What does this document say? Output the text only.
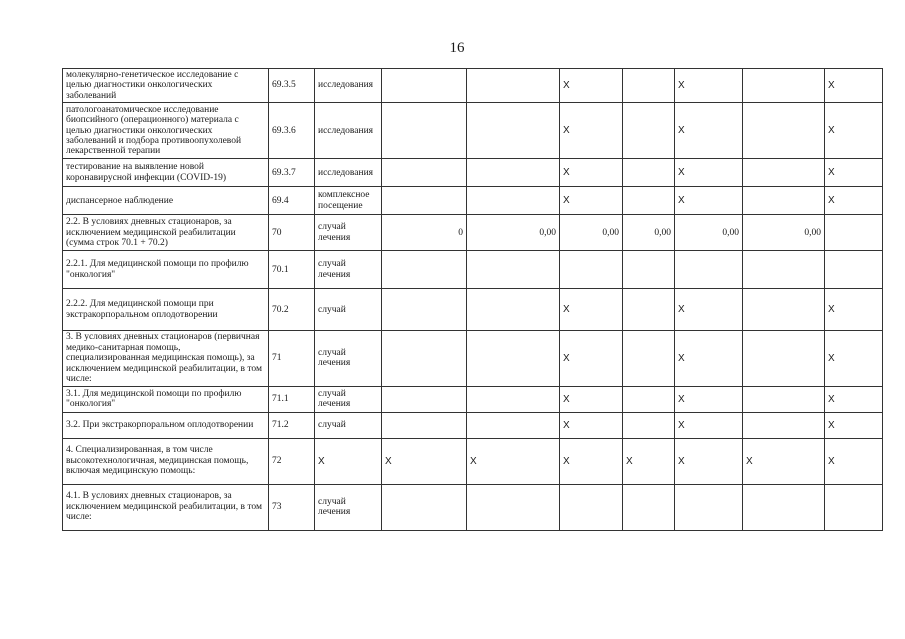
16
молекулярно-генетическое исследование с целью диагностики онкологических заболеваний	69.3.5	исследования			X		X		X
патологоанатомическое исследование биопсийного (операционного) материала с целью диагностики онкологических заболеваний и подбора противоопухолевой лекарственной терапии	69.3.6	исследования			X		X		X
тестирование на выявление новой коронавирусной инфекции (COVID-19)	69.3.7	исследования			X		X		X
диспансерное наблюдение	69.4	комплексное посещение			X		X		X
2.2. В условиях дневных стационаров, за исключением медицинской реабилитации (сумма строк 70.1 + 70.2)	70	случай лечения	0	0,00	0,00	0,00	0,00	0,00	
2.2.1. Для медицинской помощи по профилю "онкология"	70.1	случай лечения							
2.2.2. Для медицинской помощи при экстракорпоральном оплодотворении	70.2	случай			X		X		X
3. В условиях дневных стационаров (первичная медико-санитарная помощь, специализированная медицинская помощь), за исключением медицинской реабилитации, в том числе:	71	случай лечения			X		X		X
3.1. Для медицинской помощи по профилю "онкология"	71.1	случай лечения			X		X		X
3.2. При экстракорпоральном оплодотворении	71.2	случай			X		X		X
4. Специализированная, в том числе высокотехнологичная, медицинская помощь, включая медицинскую помощь:	72	X	X	X	X	X	X	X	X
4.1. В условиях дневных стационаров, за исключением медицинской реабилитации, в том числе:	73	случай лечения							
